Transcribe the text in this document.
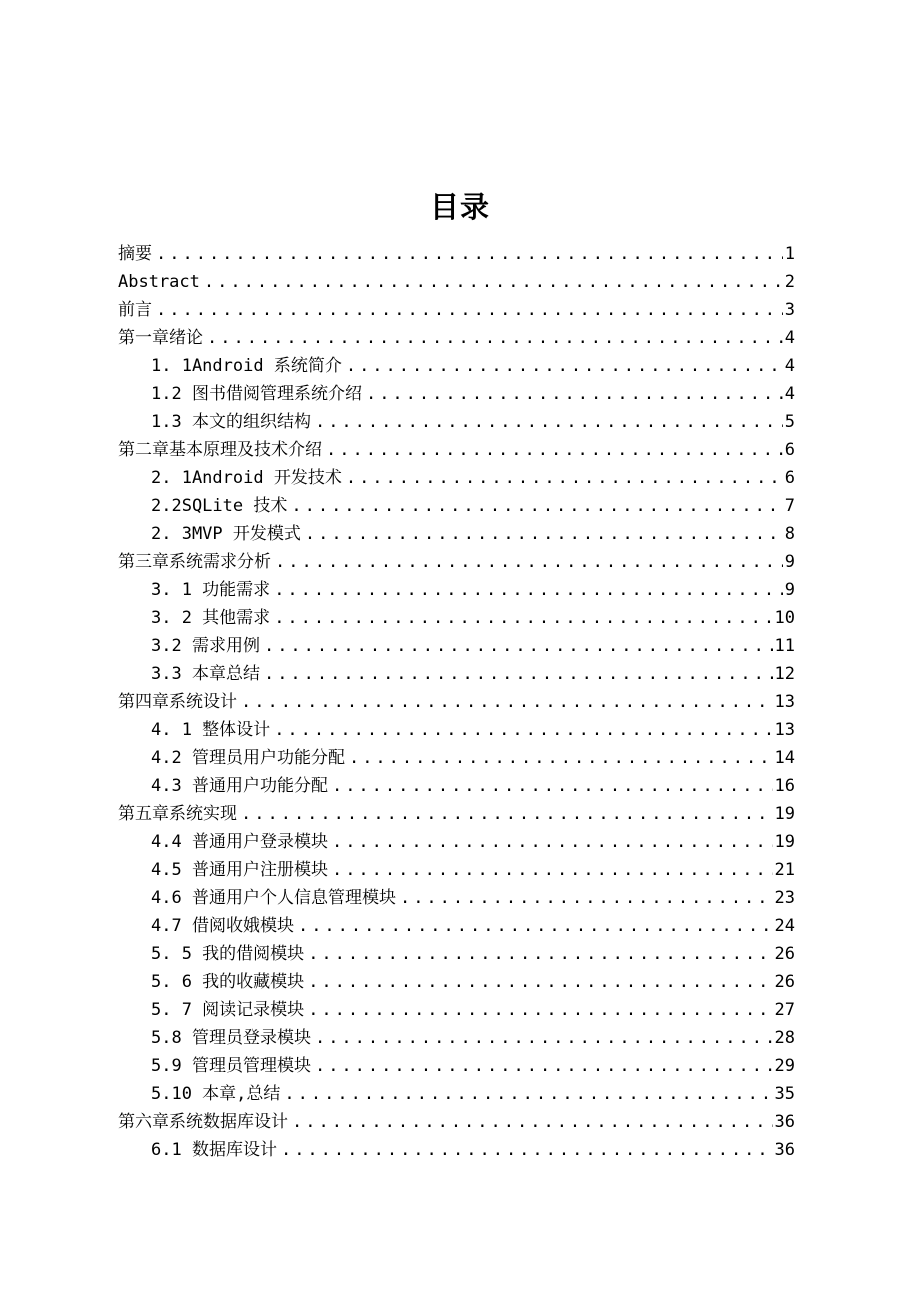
目录
摘要 .....	1
Abstract .....	2
前言 .....	3
第一章绪论 .....	4
1. 1Android 系统简介 .....	4
1.2 图书借阅管理系统介绍 .....	4
1.3 本文的组织结构 .....	5
第二章基本原理及技术介绍 .....	6
2. 1Android 开发技术 .....	6
2.2SQLite 技术 .....	7
2. 3MVP 开发模式 .....	8
第三章系统需求分析 .....	9
3. 1 功能需求 .....	9
3. 2 其他需求 .....	10
3.2 需求用例 .....	11
3.3 本章总结 .....	12
第四章系统设计 .....	13
4. 1 整体设计 .....	13
4.2 管理员用户功能分配 .....	14
4.3 普通用户功能分配 .....	16
第五章系统实现 .....	19
4.4 普通用户登录模块 .....	19
4.5 普通用户注册模块 .....	21
4.6 普通用户个人信息管理模块 .....	23
4.7 借阅收娥模块 .....	24
5. 5 我的借阅模块 .....	26
5. 6 我的收藏模块 .....	26
5. 7 阅读记录模块 .....	27
5.8 管理员登录模块 .....	28
5.9 管理员管理模块 .....	29
5.10 本章,总结 .....	35
第六章系统数据库设计 .....	36
6.1 数据库设计 .....	36
